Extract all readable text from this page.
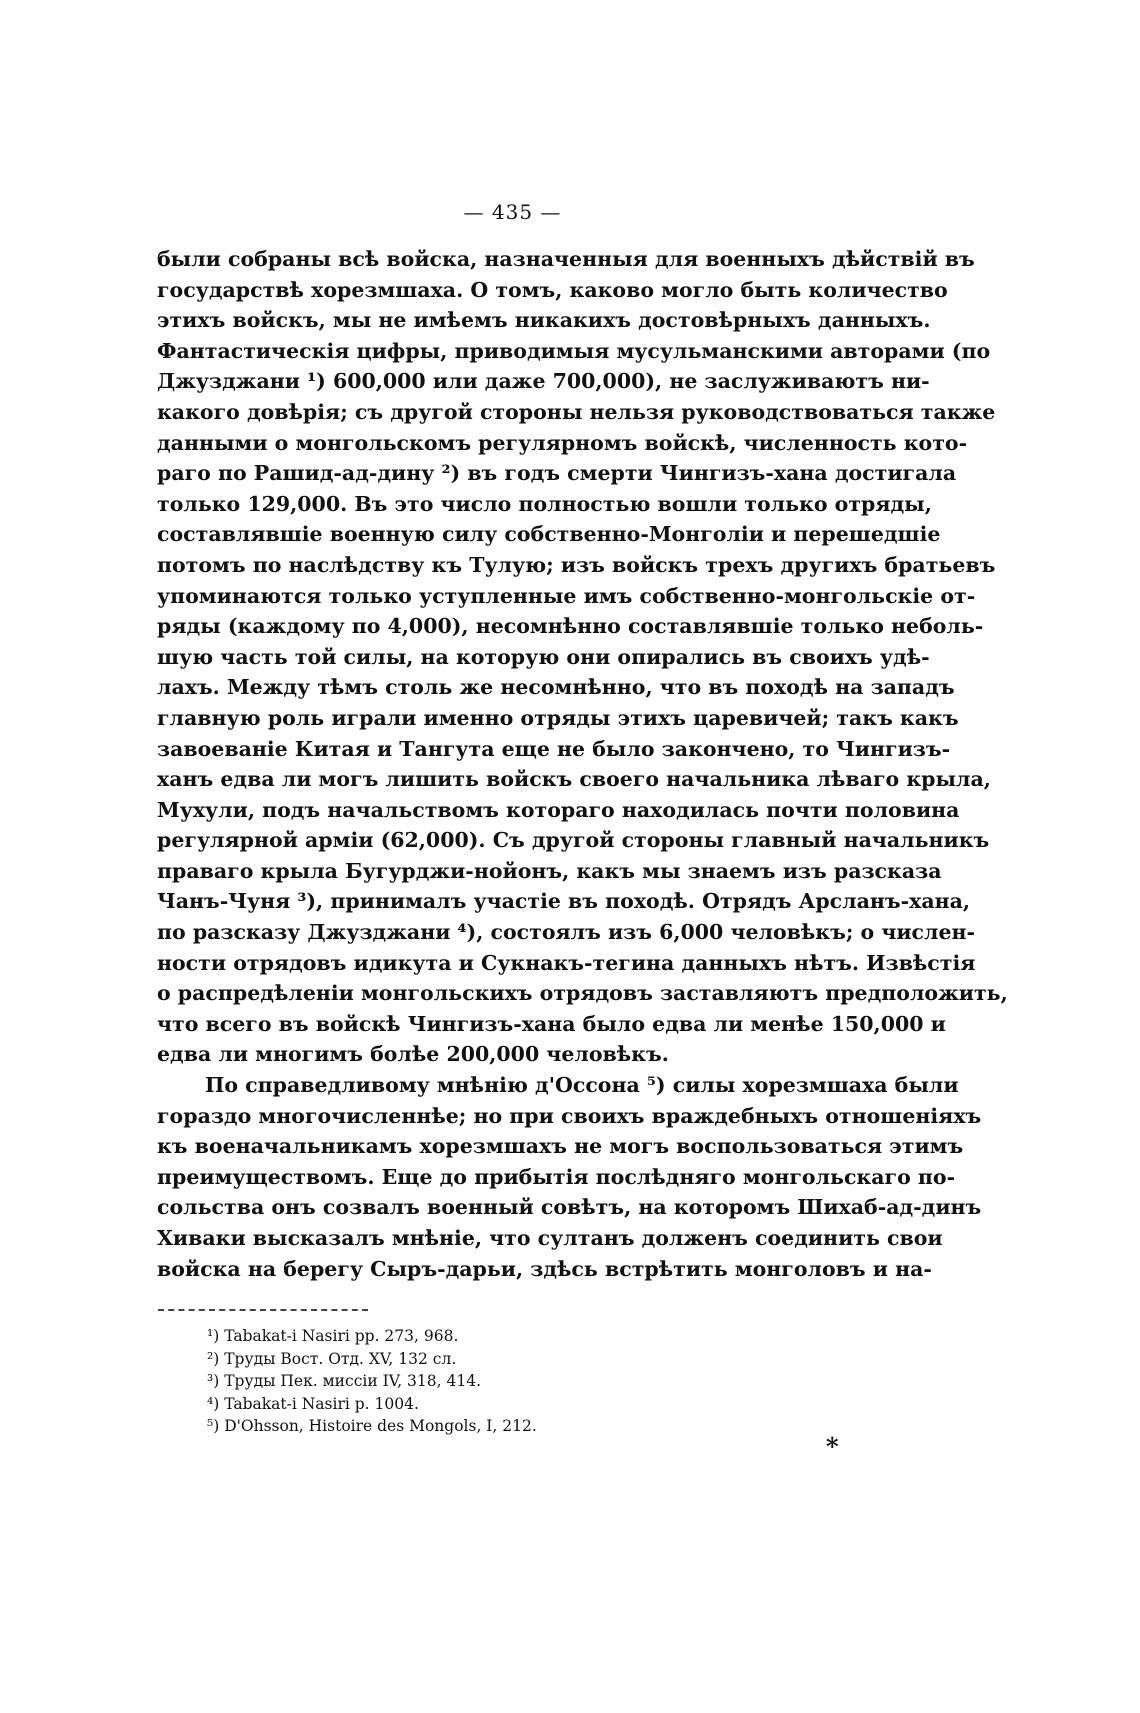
— 435 —
были собраны всѣ войска, назначенныя для военныхъ дѣйствій въ
государствѣ хорезмшаха. О томъ, каково могло быть количество
этихъ войскъ, мы не имѣемъ никакихъ достовѣрныхъ данныхъ.
Фантастическія цифры, приводимыя мусульманскими авторами (по
Джузджани ¹) 600,000 или даже 700,000), не заслуживаютъ ни-
какого довѣрія; съ другой стороны нельзя руководствоваться также
данными о монгольскомъ регулярномъ войскѣ, численность кото-
раго по Рашид-ад-дину ²) въ годъ смерти Чингизъ-хана достигала
только 129,000. Въ это число полностью вошли только отряды,
составлявшіе военную силу собственно-Монголіи и перешедшіе
потомъ по наслѣдству къ Тулую; изъ войскъ трехъ другихъ братьевъ
упоминаются только уступленные имъ собственно-монгольскіе от-
ряды (каждому по 4,000), несомнѣнно составлявшіе только неболь-
шую часть той силы, на которую они опирались въ своихъ удѣ-
лахъ. Между тѣмъ столь же несомнѣнно, что въ походѣ на западъ
главную роль играли именно отряды этихъ царевичей; такъ какъ
завоеваніе Китая и Тангута еще не было закончено, то Чингизъ-
ханъ едва ли могъ лишить войскъ своего начальника лѣваго крыла,
Мухули, подъ начальствомъ котораго находилась почти половина
регулярной арміи (62,000). Съ другой стороны главный начальникъ
праваго крыла Бугурджи-нойонъ, какъ мы знаемъ изъ разсказа
Чанъ-Чуня ³), принималъ участіе въ походѣ. Отрядъ Арсланъ-хана,
по разсказу Джузджани ⁴), состоялъ изъ 6,000 человѣкъ; о числен-
ности отрядовъ идикута и Сукнакъ-тегина данныхъ нѣтъ. Извѣстія
о распредѣленіи монгольскихъ отрядовъ заставляютъ предположить,
что всего въ войскѣ Чингизъ-хана было едва ли менѣе 150,000 и
едва ли многимъ болѣе 200,000 человѣкъ.
По справедливому мнѣнію д'Оссона ⁵) силы хорезмшаха были
гораздо многочисленнѣе; но при своихъ враждебныхъ отношеніяхъ
къ военачальникамъ хорезмшахъ не могъ воспользоваться этимъ
преимуществомъ. Еще до прибытія послѣдняго монгольскаго по-
сольства онъ созвалъ военный совѣтъ, на которомъ Шихаб-ад-динъ
Хиваки высказалъ мнѣніе, что султанъ долженъ соединить свои
войска на берегу Сыръ-дарьи, здѣсь встрѣтить монголовъ и на-
¹) Tabakat-i Nasiri pp. 273, 968.
²) Труды Вост. Отд. XV, 132 сл.
³) Труды Пек. миссіи IV, 318, 414.
⁴) Tabakat-i Nasiri p. 1004.
⁵) D'Ohsson, Histoire des Mongols, I, 212.
*
